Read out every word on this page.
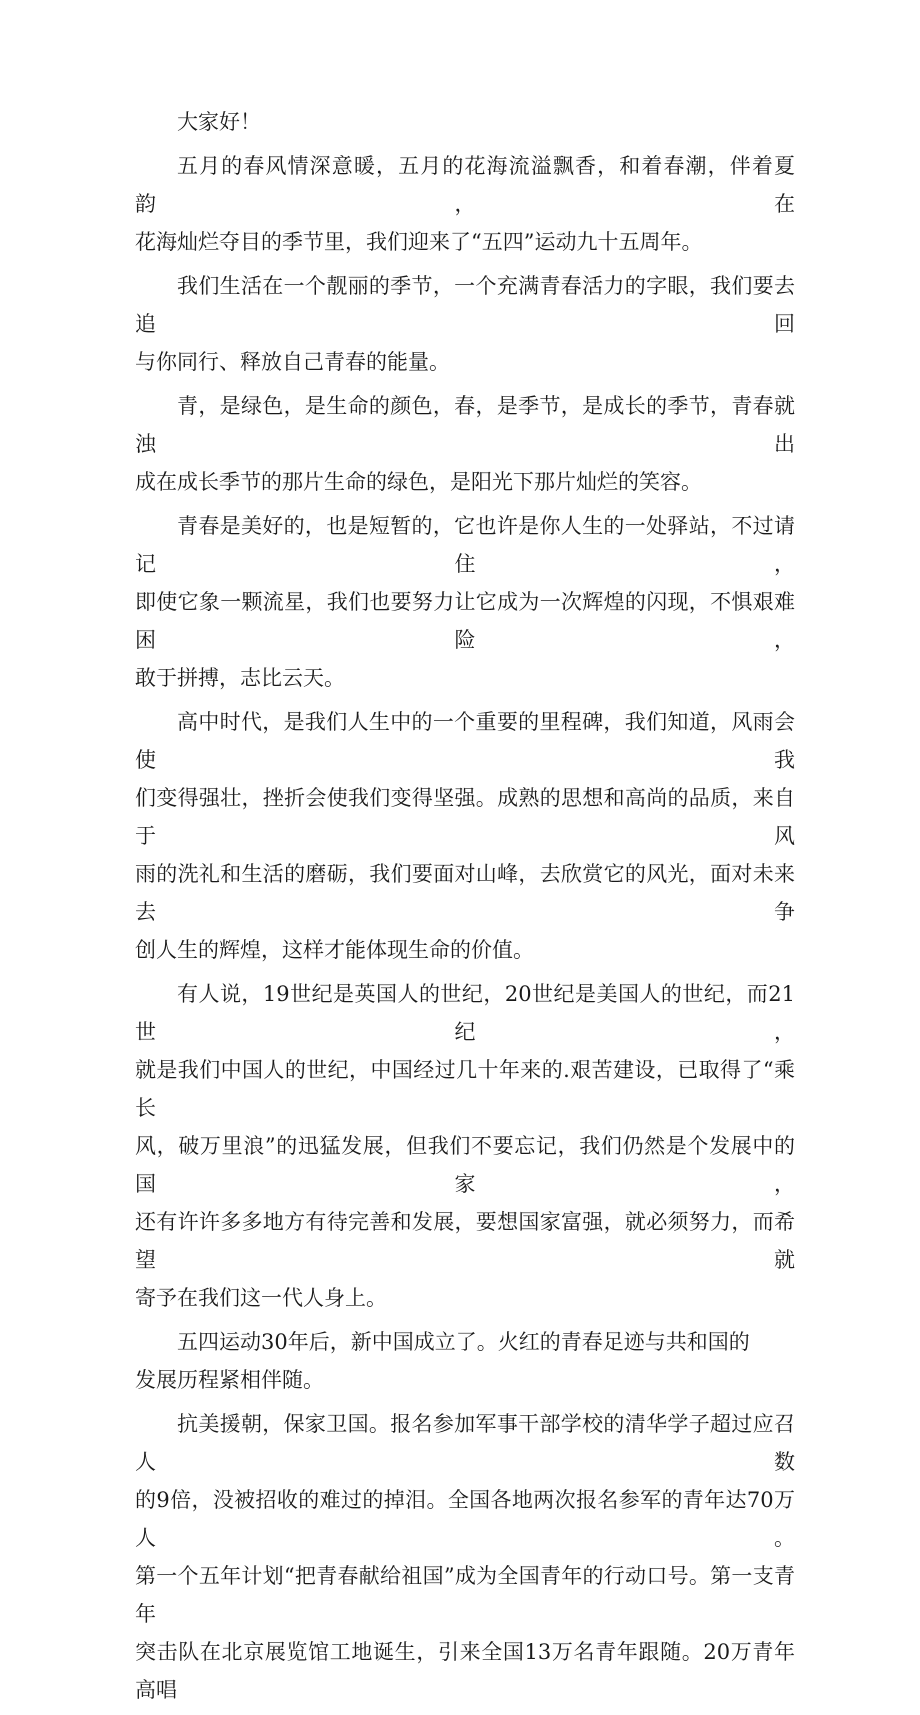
大家好！

五月的春风情深意暖，五月的花海流溢飘香，和着春潮，伴着夏韵，在
花海灿烂夺目的季节里，我们迎来了“五四”运动九十五周年。

我们生活在一个靓丽的季节，一个充满青春活力的字眼，我们要去追回
与你同行、释放自己青春的能量。

青，是绿色，是生命的颜色，春，是季节，是成长的季节，青春就浊出
成在成长季节的那片生命的绿色，是阳光下那片灿烂的笑容。

青春是美好的，也是短暂的，它也许是你人生的一处驿站，不过请记住，
即使它象一颗流星，我们也要努力让它成为一次辉煌的闪现，不惧艰难困险，
敢于拼搏，志比云天。

高中时代，是我们人生中的一个重要的里程碑，我们知道，风雨会使我
们变得强壮，挫折会使我们变得坚强。成熟的思想和高尚的品质，来自于风
雨的洗礼和生活的磨砺，我们要面对山峰，去欣赏它的风光，面对未来去争
创人生的辉煌，这样才能体现生命的价值。

有人说，19世纪是英国人的世纪，20世纪是美国人的世纪，而21世纪，
就是我们中国人的世纪，中国经过几十年来的.艰苦建设，已取得了“乘长
风，破万里浪”的迅猛发展，但我们不要忘记，我们仍然是个发展中的国家，
还有许许多多地方有待完善和发展，要想国家富强，就必须努力，而希望就
寄予在我们这一代人身上。

五四运动30年后，新中国成立了。火红的青春足迹与共和国的
发展历程紧相伴随。

抗美援朝，保家卫国。报名参加军事干部学校的清华学子超过应召人数
的9倍，没被招收的难过的掉泪。全国各地两次报名参军的青年达70万人。
第一个五年计划“把青春献给祖国”成为全国青年的行动口号。第一支青年
突击队在北京展览馆工地诞生，引来全国13万名青年跟随。20万青年高唱
